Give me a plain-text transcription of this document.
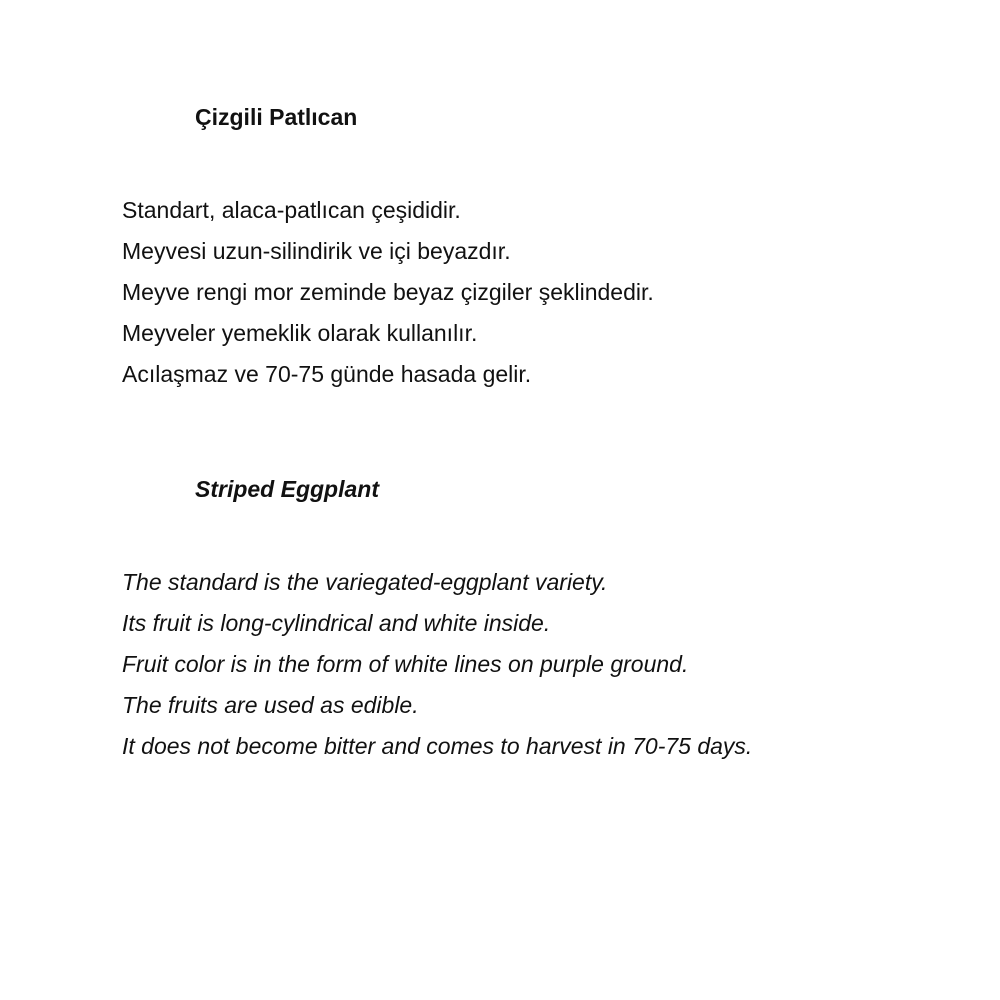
Çizgili Patlıcan
Standart, alaca-patlıcan çeşididir.
Meyvesi uzun-silindirik ve içi beyazdır.
Meyve rengi mor zeminde beyaz çizgiler şeklindedir.
Meyveler yemeklik olarak kullanılır.
Acılaşmaz ve 70-75 günde hasada gelir.
Striped Eggplant
The standard is the variegated-eggplant variety.
Its fruit is long-cylindrical and white inside.
Fruit color is in the form of white lines on purple ground.
The fruits are used as edible.
It does not become bitter and comes to harvest in 70-75 days.
